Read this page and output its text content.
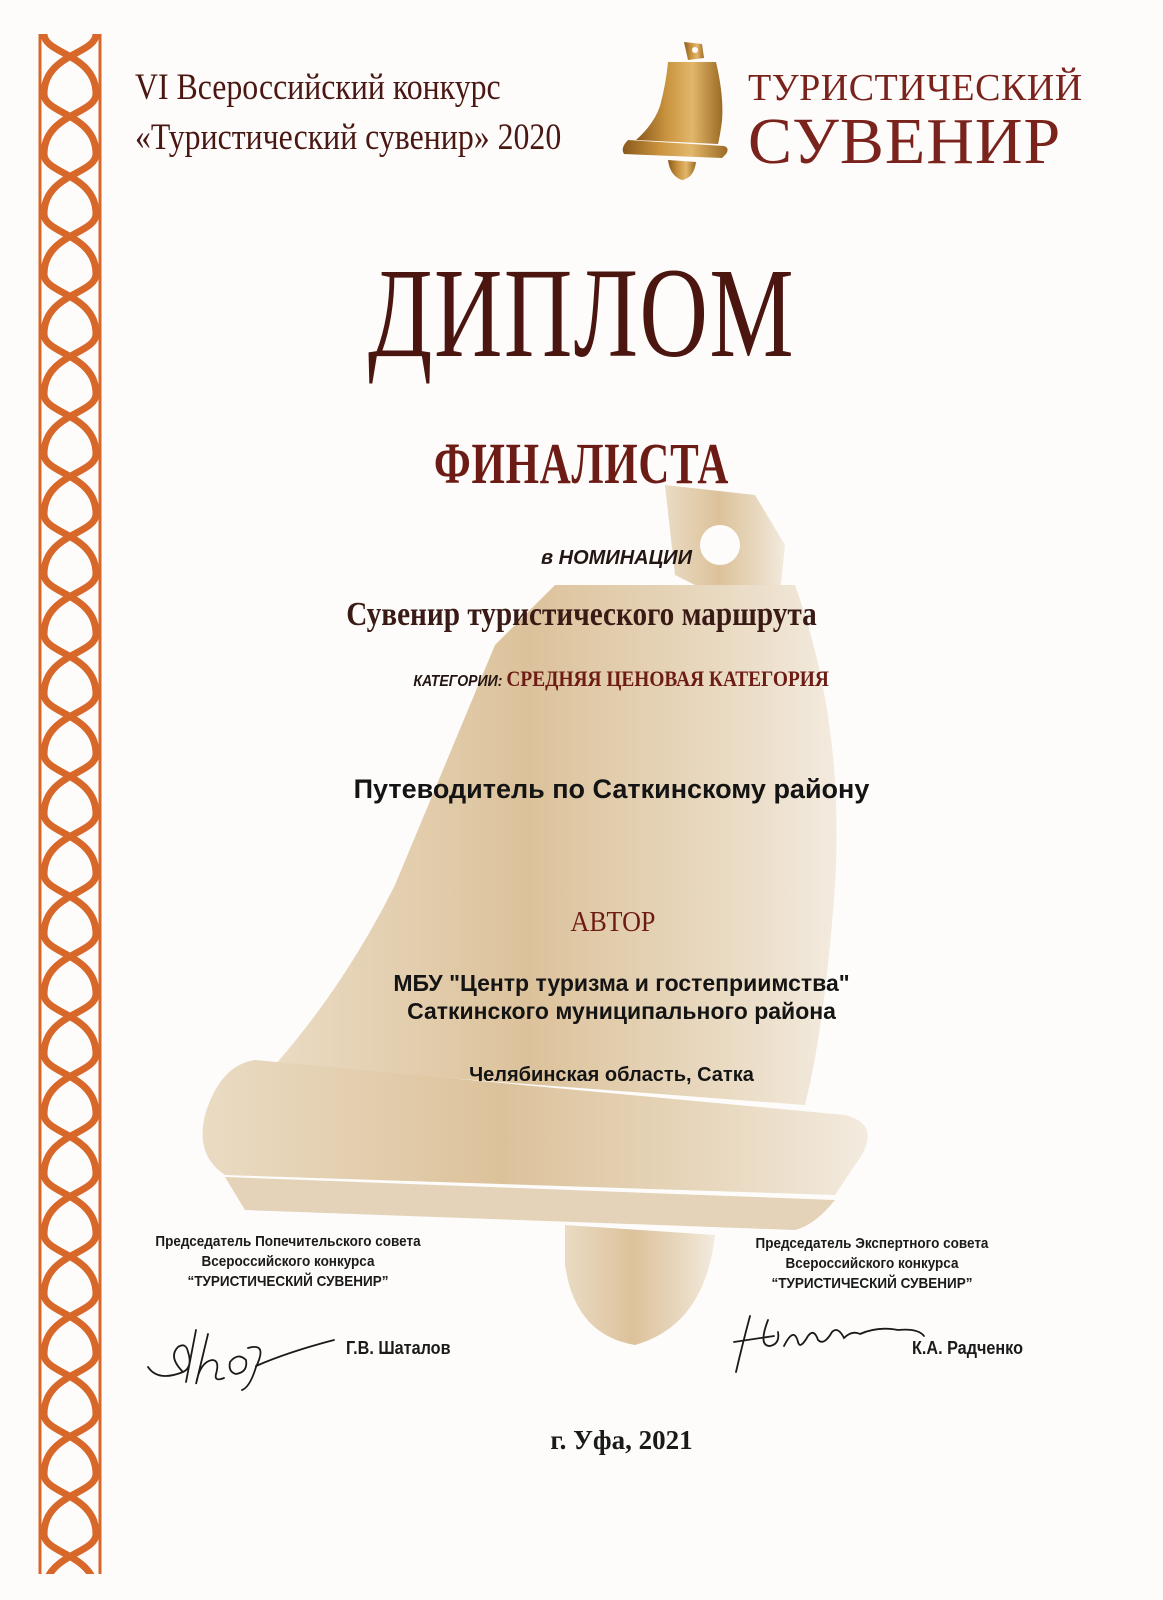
VI Всероссийский конкурс
«Туристический сувенир» 2020
ТУРИСТИЧЕСКИЙ
СУВЕНИР
ДИПЛОМ
ФИНАЛИСТА
в НОМИНАЦИИ
Сувенир туристического маршрута
КАТЕГОРИИ: СРЕДНЯЯ ЦЕНОВАЯ КАТЕГОРИЯ
Путеводитель по Саткинскому району
АВТОР
МБУ "Центр туризма и гостеприимства"
Саткинского муниципального района
Челябинская область, Сатка
Председатель Попечительского совета
Всероссийского конкурса
“ТУРИСТИЧЕСКИЙ СУВЕНИР”
Г.В. Шаталов
Председатель Экспертного совета
Всероссийского конкурса
“ТУРИСТИЧЕСКИЙ СУВЕНИР”
К.А. Радченко
г. Уфа, 2021
